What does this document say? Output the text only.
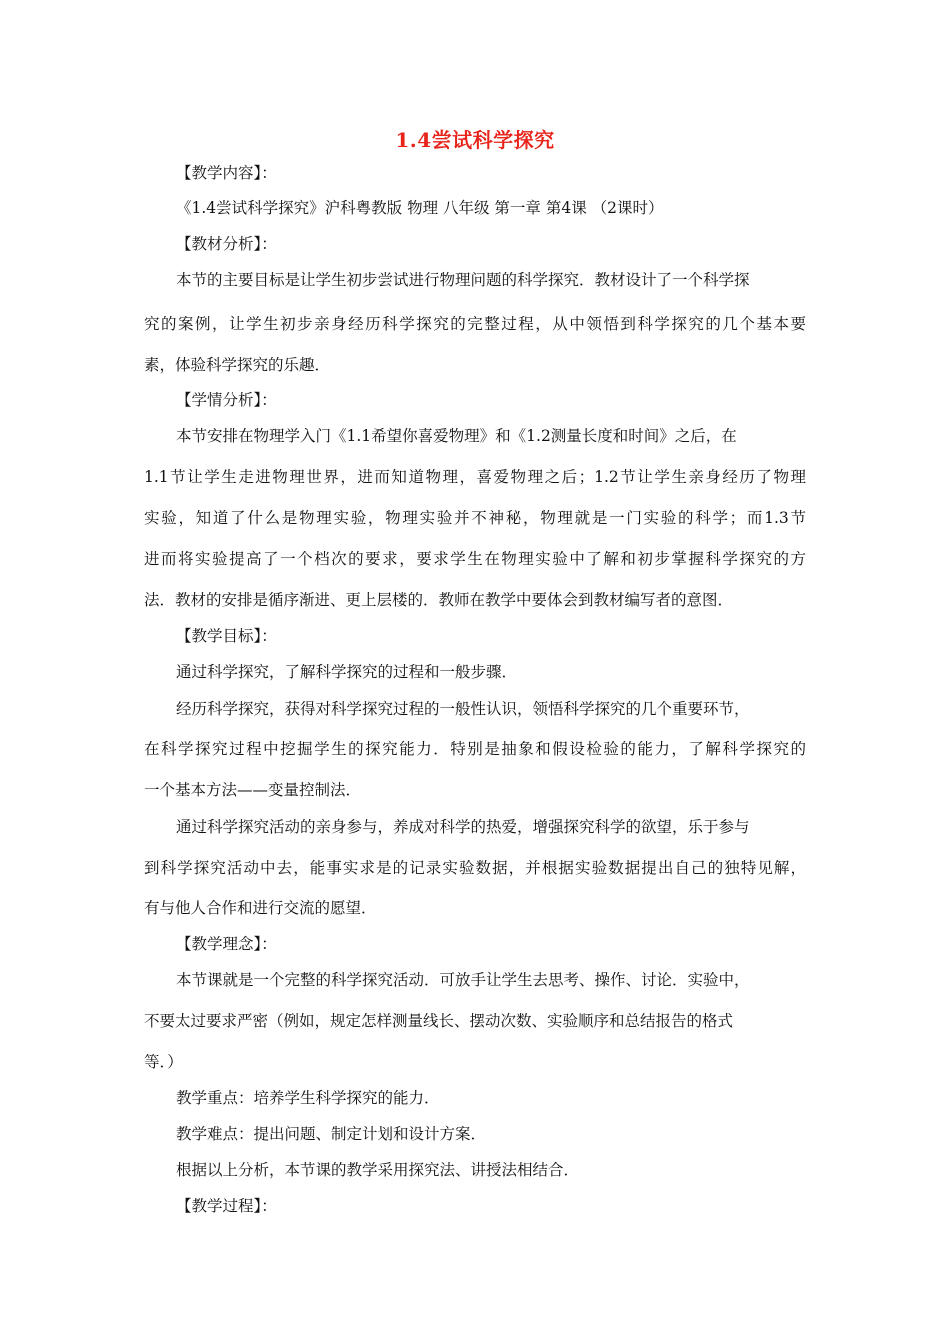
1.4尝试科学探究
【教学内容】：
《1.4尝试科学探究》沪科粤教版 物理 八年级 第一章 第4课 （2课时）
【教材分析】：
本节的主要目标是让学生初步尝试进行物理问题的科学探究．教材设计了一个科学探
究的案例，让学生初步亲身经历科学探究的完整过程，从中领悟到科学探究的几个基本要
素，体验科学探究的乐趣．
【学情分析】：
本节安排在物理学入门《1.1希望你喜爱物理》和《1.2测量长度和时间》之后，在
1.1节让学生走进物理世界，进而知道物理，喜爱物理之后；1.2节让学生亲身经历了物理
实验，知道了什么是物理实验，物理实验并不神秘，物理就是一门实验的科学；而1.3节
进而将实验提高了一个档次的要求，要求学生在物理实验中了解和初步掌握科学探究的方
法．教材的安排是循序渐进、更上层楼的．教师在教学中要体会到教材编写者的意图．
【教学目标】：
通过科学探究，了解科学探究的过程和一般步骤．
经历科学探究，获得对科学探究过程的一般性认识，领悟科学探究的几个重要环节，
在科学探究过程中挖掘学生的探究能力．特别是抽象和假设检验的能力，了解科学探究的
一个基本方法——变量控制法．
通过科学探究活动的亲身参与，养成对科学的热爱，增强探究科学的欲望，乐于参与
到科学探究活动中去，能事实求是的记录实验数据，并根据实验数据提出自己的独特见解，
有与他人合作和进行交流的愿望．
【教学理念】：
本节课就是一个完整的科学探究活动．可放手让学生去思考、操作、讨论．实验中，
不要太过要求严密（例如，规定怎样测量线长、摆动次数、实验顺序和总结报告的格式
等．）
教学重点：培养学生科学探究的能力．
教学难点：提出问题、制定计划和设计方案．
根据以上分析，本节课的教学采用探究法、讲授法相结合．
【教学过程】：
